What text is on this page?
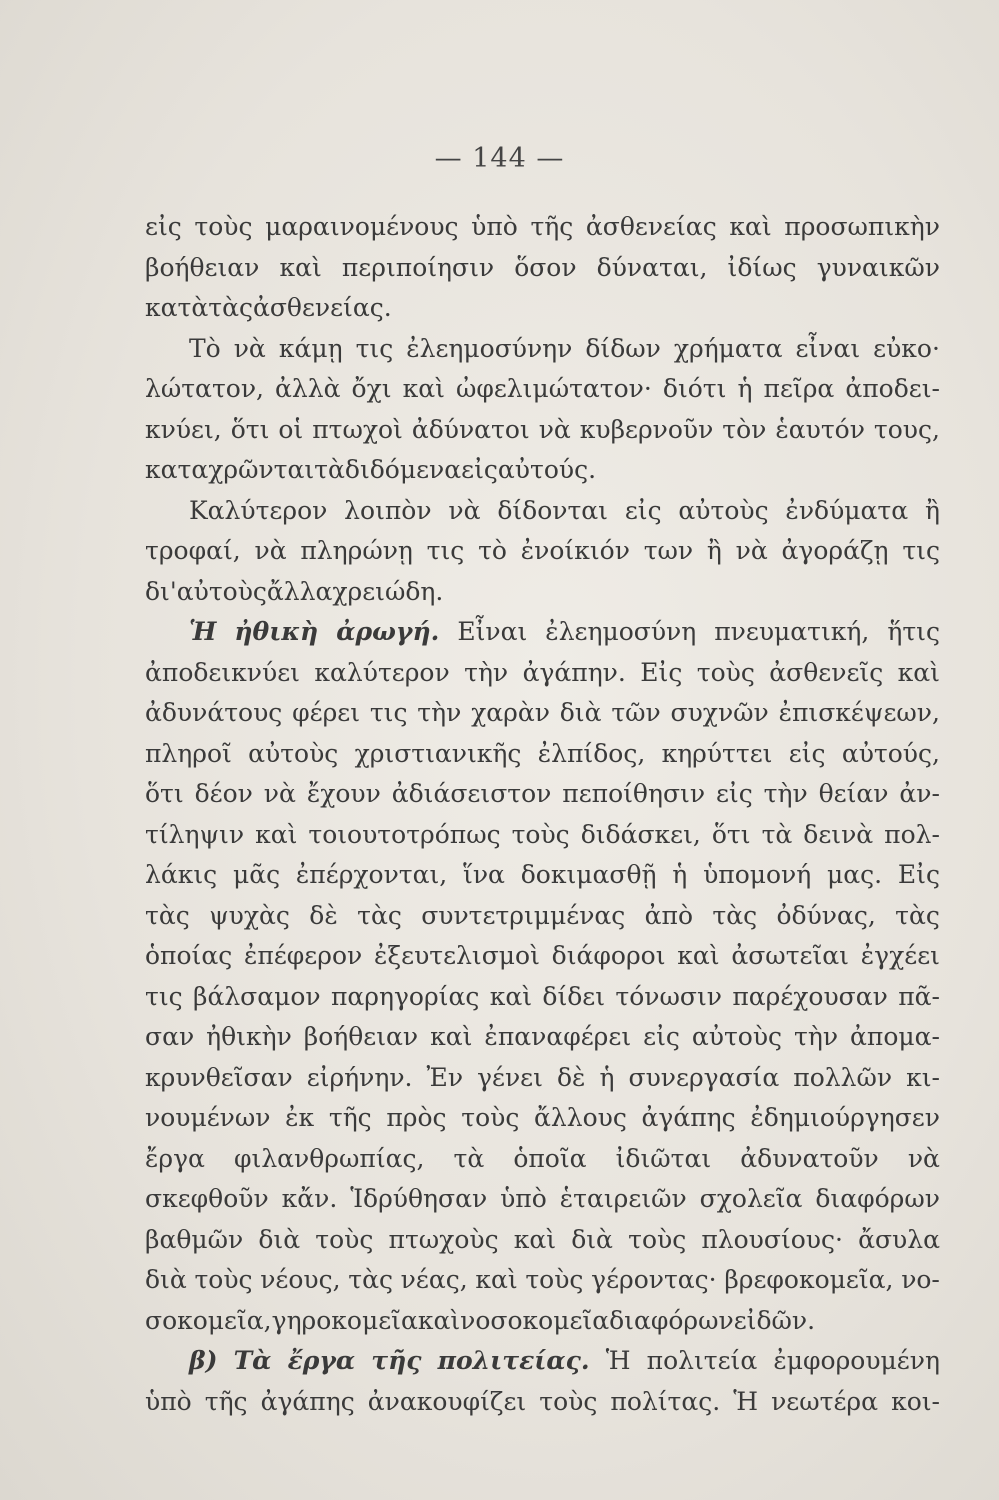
— 144 —
εἰς τοὺς μαραινομένους ὑπὸ τῆς ἀσθενείας καὶ προσωπικὴν
βοήθειαν καὶ περιποίησιν ὅσον δύναται, ἰδίως γυναικῶν
κατὰ τὰς ἀσθενείας.
Τὸ νὰ κάμῃ τις ἐλεημοσύνην δίδων χρήματα εἶναι εὐκο·
λώτατον, ἀλλὰ ὄχι καὶ ὠφελιμώτατον· διότι ἡ πεῖρα ἀποδει-
κνύει, ὅτι οἱ πτωχοὶ ἀδύνατοι νὰ κυβερνοῦν τὸν ἑαυτόν τους,
καταχρῶνται τὰ διδόμενα εἰς αὐτούς.
Καλύτερον λοιπὸν νὰ δίδονται εἰς αὐτοὺς ἐνδύματα ἢ
τροφαί, νὰ πληρώνῃ τις τὸ ἐνοίκιόν των ἢ νὰ ἀγοράζῃ τις
δι' αὐτοὺς ἄλλα χρειώδη.
Ἡ ἠθικὴ ἀρωγή. Εἶναι ἐλεημοσύνη πνευματική, ἥτις
ἀποδεικνύει καλύτερον τὴν ἀγάπην. Εἰς τοὺς ἀσθενεῖς καὶ
ἀδυνάτους φέρει τις τὴν χαρὰν διὰ τῶν συχνῶν ἐπισκέψεων,
πληροῖ αὐτοὺς χριστιανικῆς ἐλπίδος, κηρύττει εἰς αὐτούς,
ὅτι δέον νὰ ἔχουν ἀδιάσειστον πεποίθησιν εἰς τὴν θείαν ἀν-
τίληψιν καὶ τοιουτοτρόπως τοὺς διδάσκει, ὅτι τὰ δεινὰ πολ-
λάκις μᾶς ἐπέρχονται, ἵνα δοκιμασθῇ ἡ ὑπομονή μας. Εἰς
τὰς ψυχὰς δὲ τὰς συντετριμμένας ἀπὸ τὰς ὀδύνας, τὰς
ὁποίας ἐπέφερον ἐξευτελισμοὶ διάφοροι καὶ ἀσωτεῖαι ἐγχέει
τις βάλσαμον παρηγορίας καὶ δίδει τόνωσιν παρέχουσαν πᾶ-
σαν ἠθικὴν βοήθειαν καὶ ἐπαναφέρει εἰς αὐτοὺς τὴν ἀπομα-
κρυνθεῖσαν εἰρήνην. Ἐν γένει δὲ ἡ συνεργασία πολλῶν κι-
νουμένων ἐκ τῆς πρὸς τοὺς ἄλλους ἀγάπης ἐδημιούργησεν
ἔργα φιλανθρωπίας, τὰ ὁποῖα ἰδιῶται ἀδυνατοῦν νὰ
σκεφθοῦν κἄν. Ἱδρύθησαν ὑπὸ ἑταιρειῶν σχολεῖα διαφόρων
βαθμῶν διὰ τοὺς πτωχοὺς καὶ διὰ τοὺς πλουσίους· ἄσυλα
διὰ τοὺς νέους, τὰς νέας, καὶ τοὺς γέροντας· βρεφοκομεῖα, νο-
σοκομεῖα, γηροκομεῖα καὶ νοσοκομεῖα διαφόρων εἰδῶν.
β) Τὰ ἔργα τῆς πολιτείας. Ἡ πολιτεία ἐμφορουμένη
ὑπὸ τῆς ἀγάπης ἀνακουφίζει τοὺς πολίτας. Ἡ νεωτέρα κοι-
